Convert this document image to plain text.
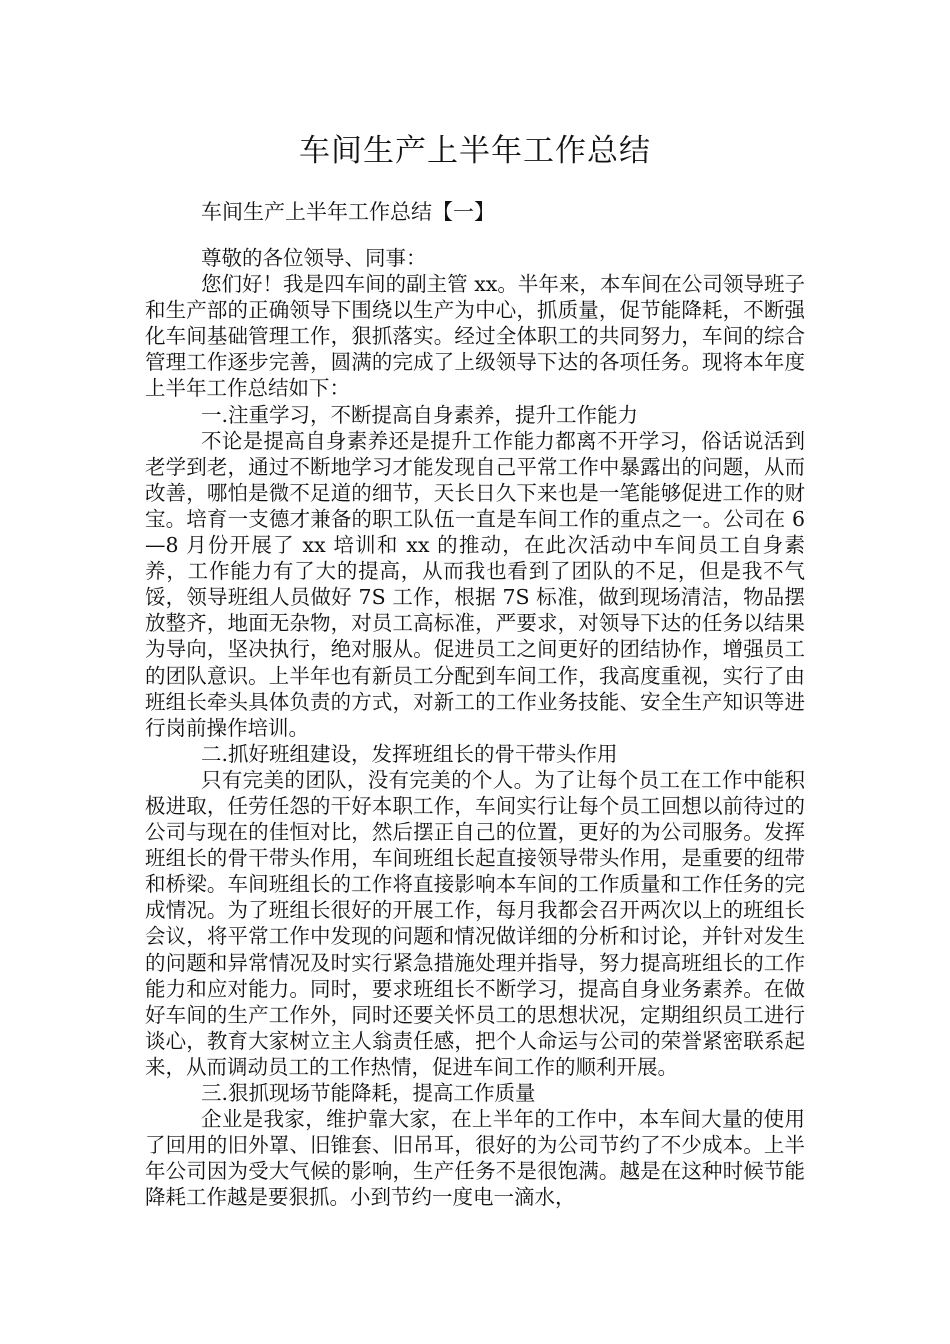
车间生产上半年工作总结

车间生产上半年工作总结【一】

尊敬的各位领导、同事：

您们好！我是四车间的副主管 xx。半年来，本车间在公司领导班子和生产部的正确领导下围绕以生产为中心，抓质量，促节能降耗，不断强化车间基础管理工作，狠抓落实。经过全体职工的共同努力，车间的综合管理工作逐步完善，圆满的完成了上级领导下达的各项任务。现将本年度上半年工作总结如下：

一.注重学习，不断提高自身素养，提升工作能力

不论是提高自身素养还是提升工作能力都离不开学习，俗话说活到老学到老，通过不断地学习才能发现自己平常工作中暴露出的问题，从而改善，哪怕是微不足道的细节，天长日久下来也是一笔能够促进工作的财宝。培育一支德才兼备的职工队伍一直是车间工作的重点之一。公司在 6—8 月份开展了 xx 培训和 xx 的推动，在此次活动中车间员工自身素养，工作能力有了大的提高，从而我也看到了团队的不足，但是我不气馁，领导班组人员做好 7S 工作，根据 7S 标准，做到现场清洁，物品摆放整齐，地面无杂物，对员工高标准，严要求，对领导下达的任务以结果为导向，坚决执行，绝对服从。促进员工之间更好的团结协作，增强员工的团队意识。上半年也有新员工分配到车间工作，我高度重视，实行了由班组长牵头具体负责的方式，对新工的工作业务技能、安全生产知识等进行岗前操作培训。

二.抓好班组建设，发挥班组长的骨干带头作用

只有完美的团队，没有完美的个人。为了让每个员工在工作中能积极进取，任劳任怨的干好本职工作，车间实行让每个员工回想以前待过的公司与现在的佳恒对比，然后摆正自己的位置，更好的为公司服务。发挥班组长的骨干带头作用，车间班组长起直接领导带头作用，是重要的纽带和桥梁。车间班组长的工作将直接影响本车间的工作质量和工作任务的完成情况。为了班组长很好的开展工作，每月我都会召开两次以上的班组长会议，将平常工作中发现的问题和情况做详细的分析和讨论，并针对发生的问题和异常情况及时实行紧急措施处理并指导，努力提高班组长的工作能力和应对能力。同时，要求班组长不断学习，提高自身业务素养。在做好车间的生产工作外，同时还要关怀员工的思想状况，定期组织员工进行谈心，教育大家树立主人翁责任感，把个人命运与公司的荣誉紧密联系起来，从而调动员工的工作热情，促进车间工作的顺利开展。

三.狠抓现场节能降耗，提高工作质量

企业是我家，维护靠大家，在上半年的工作中，本车间大量的使用了回用的旧外罩、旧锥套、旧吊耳，很好的为公司节约了不少成本。上半年公司因为受大气候的影响，生产任务不是很饱满。越是在这种时候节能降耗工作越是要狠抓。小到节约一度电一滴水，
